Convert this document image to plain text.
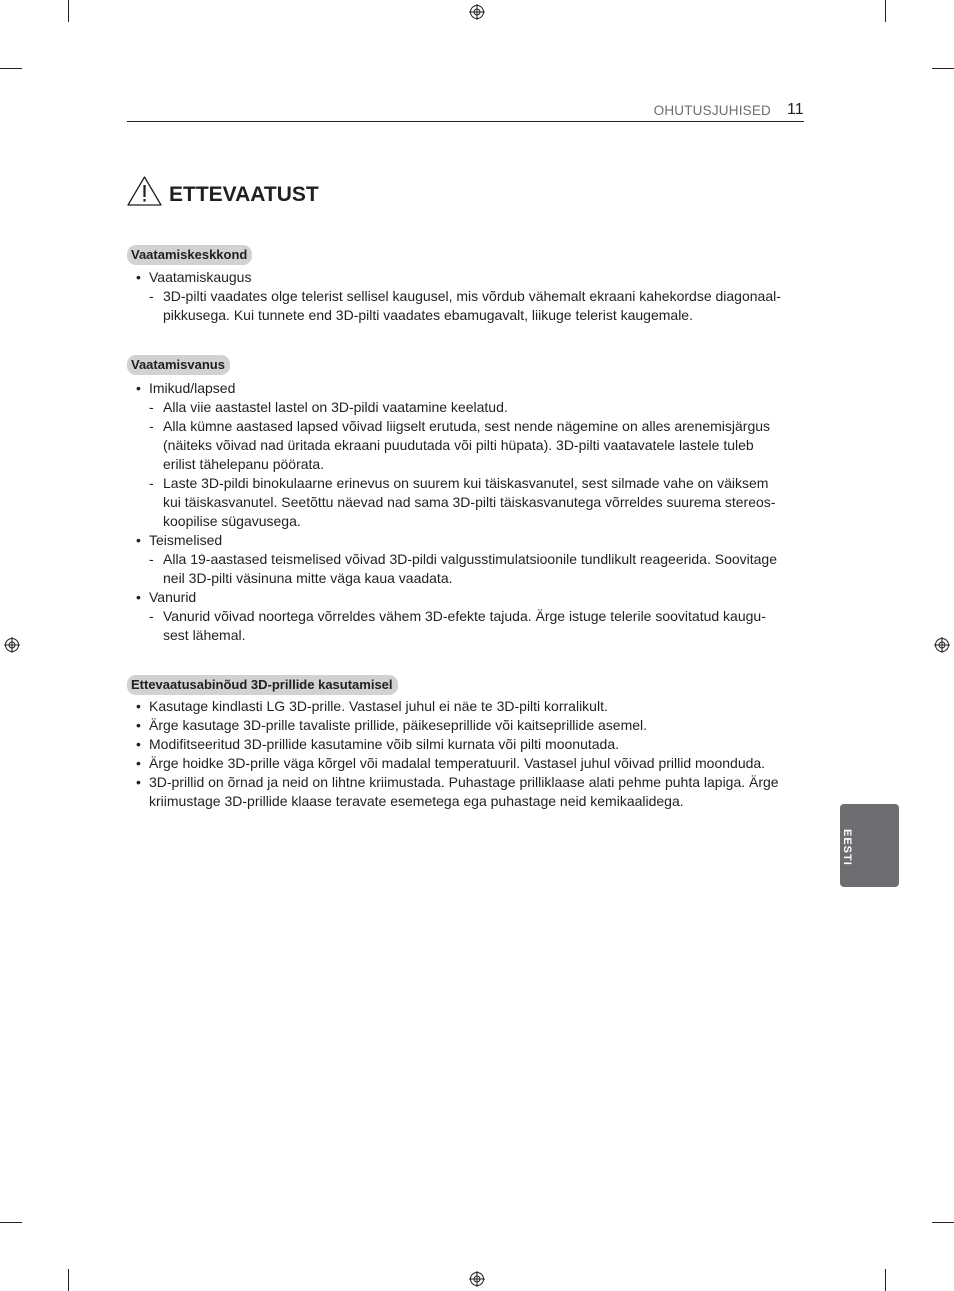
OHUTUSJUHISED 11
ETTEVAATUST
Vaatamiskeskkond
• Vaatamiskaugus
- 3D-pilti vaadates olge telerist sellisel kaugusel, mis võrdub vähemalt ekraani kahekordse diagonaal-
pikkusega. Kui tunnete end 3D-pilti vaadates ebamugavalt, liikuge telerist kaugemale.
Vaatamisvanus
• Imikud/lapsed
- Alla viie aastastel lastel on 3D-pildi vaatamine keelatud.
- Alla kümne aastased lapsed võivad liigselt erutuda, sest nende nägemine on alles arenemisjärgus
(näiteks võivad nad üritada ekraani puudutada või pilti hüpata). 3D-pilti vaatavatele lastele tuleb
erilist tähelepanu pöörata.
- Laste 3D-pildi binokulaarne erinevus on suurem kui täiskasvanutel, sest silmade vahe on väiksem
kui täiskasvanutel. Seetõttu näevad nad sama 3D-pilti täiskasvanutega võrreldes suurema stereos-
koopilise sügavusega.
• Teismelised
- Alla 19-aastased teismelised võivad 3D-pildi valgusstimulatsioonile tundlikult reageerida. Soovitage
neil 3D-pilti väsinuna mitte väga kaua vaadata.
• Vanurid
- Vanurid võivad noortega võrreldes vähem 3D-efekte tajuda. Ärge istuge telerile soovitatud kaugu-
sest lähemal.
Ettevaatusabinõud 3D-prillide kasutamisel
• Kasutage kindlasti LG 3D-prille. Vastasel juhul ei näe te 3D-pilti korralikult.
• Ärge kasutage 3D-prille tavaliste prillide, päikeseprillide või kaitseprillide asemel.
• Modifitseeritud 3D-prillide kasutamine võib silmi kurnata või pilti moonutada.
• Ärge hoidke 3D-prille väga kõrgel või madalal temperatuuril. Vastasel juhul võivad prillid moonduda.
• 3D-prillid on õrnad ja neid on lihtne kriimustada. Puhastage prilliklaase alati pehme puhta lapiga. Ärge
kriimustage 3D-prillide klaase teravate esemetega ega puhastage neid kemikaalidega.
EESTI
